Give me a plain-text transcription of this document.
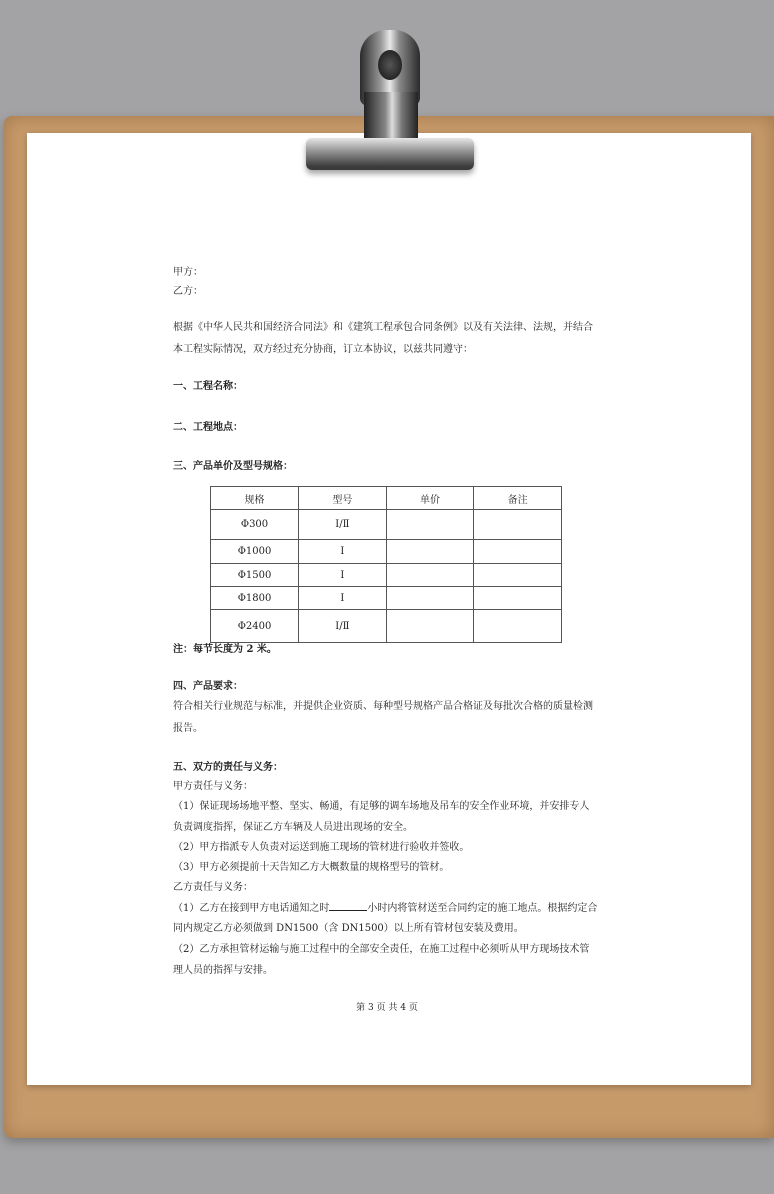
甲方：
乙方：
根据《中华人民共和国经济合同法》和《建筑工程承包合同条例》以及有关法律、法规，并结合
本工程实际情况，双方经过充分协商，订立本协议，以兹共同遵守：
一、工程名称：
二、工程地点：
三、产品单价及型号规格：
规格	型号	单价	备注
Φ300	Ⅰ/Ⅱ		
Φ1000	Ⅰ		
Φ1500	Ⅰ		
Φ1800	Ⅰ		
Φ2400	Ⅰ/Ⅱ		
注：每节长度为 2 米。
四、产品要求：
符合相关行业规范与标准，并提供企业资质、每种型号规格产品合格证及每批次合格的质量检测
报告。
五、双方的责任与义务：
甲方责任与义务：
（1）保证现场场地平整、坚实、畅通，有足够的调车场地及吊车的安全作业环境，并安排专人
负责调度指挥，保证乙方车辆及人员进出现场的安全。
（2）甲方指派专人负责对运送到施工现场的管材进行验收并签收。
（3）甲方必须提前十天告知乙方大概数量的规格型号的管材。
乙方责任与义务：
（1）乙方在接到甲方电话通知之时	小时内将管材送至合同约定的施工地点。根据约定合
同内规定乙方必须做到 DN1500（含 DN1500）以上所有管材包安装及费用。
（2）乙方承担管材运输与施工过程中的全部安全责任，在施工过程中必须听从甲方现场技术管
理人员的指挥与安排。
第 3 页 共 4 页
